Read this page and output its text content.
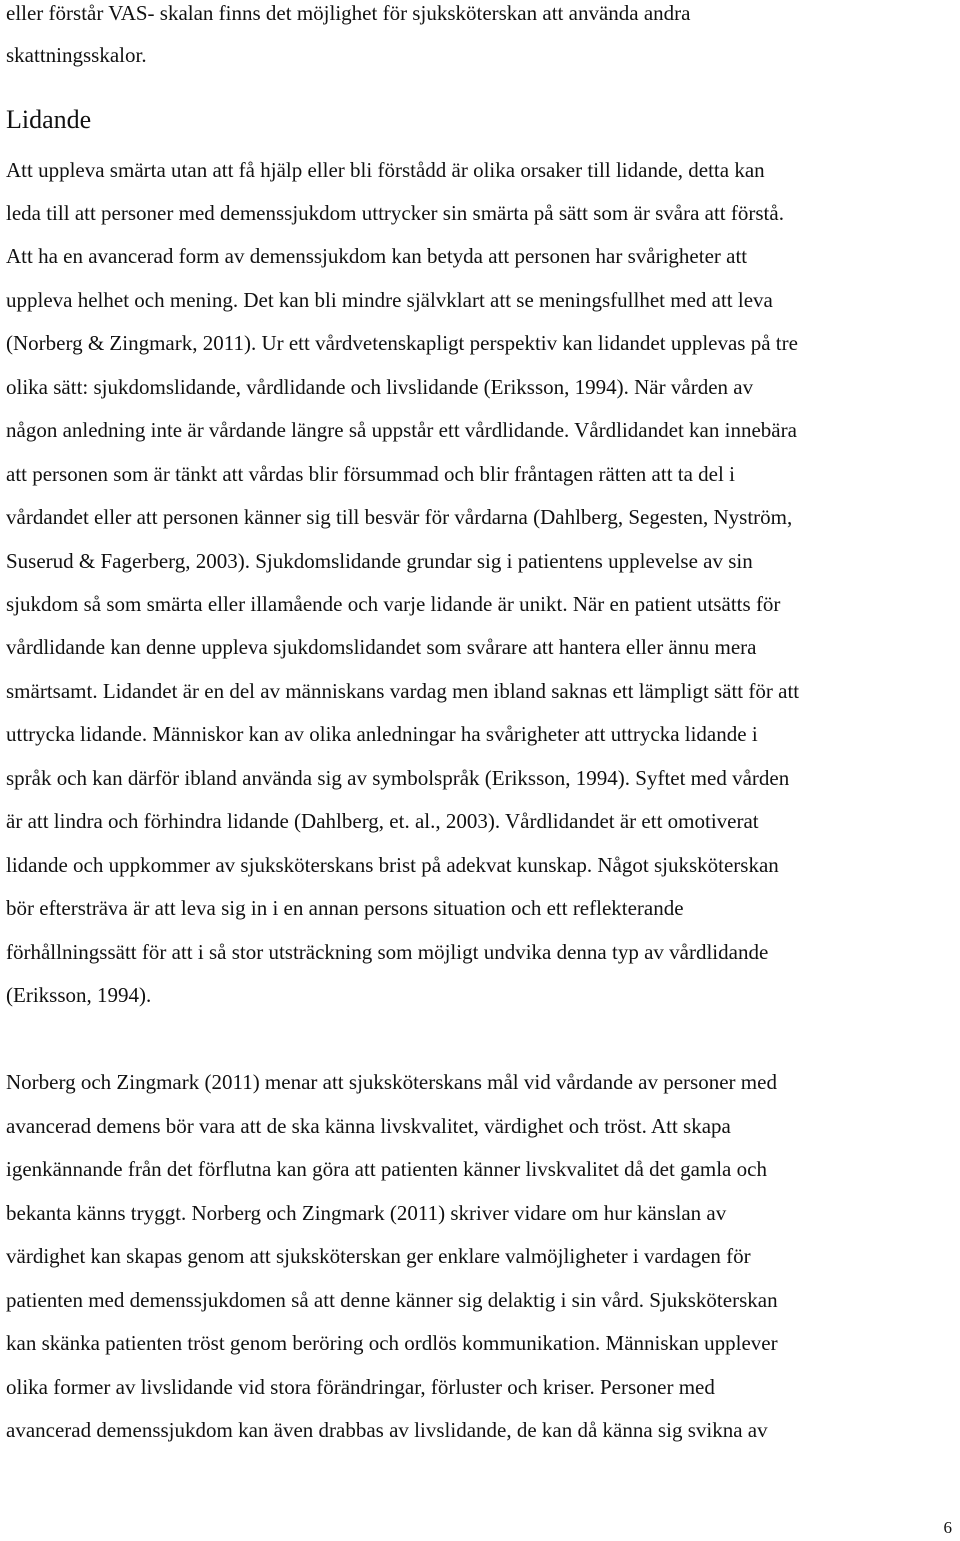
eller förstår VAS- skalan finns det möjlighet för sjuksköterskan att använda andra
skattningsskalor.
Lidande
Att uppleva smärta utan att få hjälp eller bli förstådd är olika orsaker till lidande, detta kan
leda till att personer med demenssjukdom uttrycker sin smärta på sätt som är svåra att förstå.
Att ha en avancerad form av demenssjukdom kan betyda att personen har svårigheter att
uppleva helhet och mening. Det kan bli mindre självklart att se meningsfullhet med att leva
(Norberg & Zingmark, 2011). Ur ett vårdvetenskapligt perspektiv kan lidandet upplevas på tre
olika sätt: sjukdomslidande, vårdlidande och livslidande (Eriksson, 1994). När vården av
någon anledning inte är vårdande längre så uppstår ett vårdlidande. Vårdlidandet kan innebära
att personen som är tänkt att vårdas blir försummad och blir fråntagen rätten att ta del i
vårdandet eller att personen känner sig till besvär för vårdarna (Dahlberg, Segesten, Nyström,
Suserud & Fagerberg, 2003). Sjukdomslidande grundar sig i patientens upplevelse av sin
sjukdom så som smärta eller illamående och varje lidande är unikt. När en patient utsätts för
vårdlidande kan denne uppleva sjukdomslidandet som svårare att hantera eller ännu mera
smärtsamt. Lidandet är en del av människans vardag men ibland saknas ett lämpligt sätt för att
uttrycka lidande. Människor kan av olika anledningar ha svårigheter att uttrycka lidande i
språk och kan därför ibland använda sig av symbolspråk (Eriksson, 1994). Syftet med vården
är att lindra och förhindra lidande (Dahlberg, et. al., 2003). Vårdlidandet är ett omotiverat
lidande och uppkommer av sjuksköterskans brist på adekvat kunskap. Något sjuksköterskan
bör eftersträva är att leva sig in i en annan persons situation och ett reflekterande
förhållningssätt för att i så stor utsträckning som möjligt undvika denna typ av vårdlidande
(Eriksson, 1994).
Norberg och Zingmark (2011) menar att sjuksköterskans mål vid vårdande av personer med
avancerad demens bör vara att de ska känna livskvalitet, värdighet och tröst. Att skapa
igenkännande från det förflutna kan göra att patienten känner livskvalitet då det gamla och
bekanta känns tryggt. Norberg och Zingmark (2011) skriver vidare om hur känslan av
värdighet kan skapas genom att sjuksköterskan ger enklare valmöjligheter i vardagen för
patienten med demenssjukdomen så att denne känner sig delaktig i sin vård. Sjuksköterskan
kan skänka patienten tröst genom beröring och ordlös kommunikation. Människan upplever
olika former av livslidande vid stora förändringar, förluster och kriser. Personer med
avancerad demenssjukdom kan även drabbas av livslidande, de kan då känna sig svikna av
6
